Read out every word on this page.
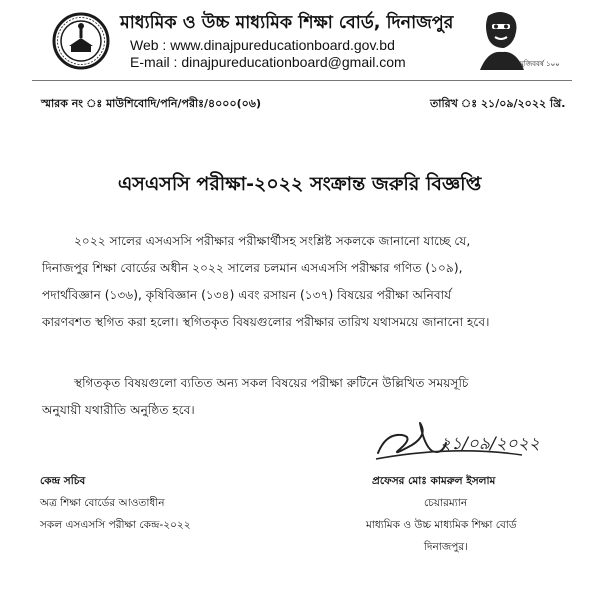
মাধ্যমিক ও উচ্চ মাধ্যমিক শিক্ষা বোর্ড, দিনাজপুর
Web : www.dinajpureducationboard.gov.bd
E-mail : dinajpureducationboard@gmail.com	মুজিববর্ষ ১০০
স্মারক নং ঃ মাউশিবোদি/পনি/পরীঃ/৪০০০(০৬)	তারিখ ঃ ২১/০৯/২০২২ খ্রি.
এসএসসি পরীক্ষা-২০২২ সংক্রান্ত জরুরি বিজ্ঞপ্তি
২০২২ সালের এসএসসি পরীক্ষার পরীক্ষার্থীসহ সংশ্লিষ্ট সকলকে জানানো যাচ্ছে যে,
দিনাজপুর শিক্ষা বোর্ডের অধীন ২০২২ সালের চলমান এসএসসি পরীক্ষার গণিত (১০৯),
পদার্থবিজ্ঞান (১৩৬), কৃষিবিজ্ঞান (১৩৪) এবং রসায়ন (১৩৭) বিষয়ের পরীক্ষা অনিবার্য
কারণবশত স্থগিত করা হলো। স্থগিতকৃত বিষয়গুলোর পরীক্ষার তারিখ যথাসময়ে জানানো হবে।
স্থগিতকৃত বিষয়গুলো ব্যতিত অন্য সকল বিষয়ের পরীক্ষা রুটিনে উল্লিখিত সময়সূচি
অনুযায়ী যথারীতি অনুষ্ঠিত হবে।
২১/০৯/২০২২
কেন্দ্র সচিব
অত্র শিক্ষা বোর্ডের আওতাধীন
সকল এসএসসি পরীক্ষা কেন্দ্র-২০২২
প্রফেসর মোঃ কামরুল ইসলাম
চেয়ারম্যান
মাধ্যমিক ও উচ্চ মাধ্যমিক শিক্ষা বোর্ড
দিনাজপুর।
